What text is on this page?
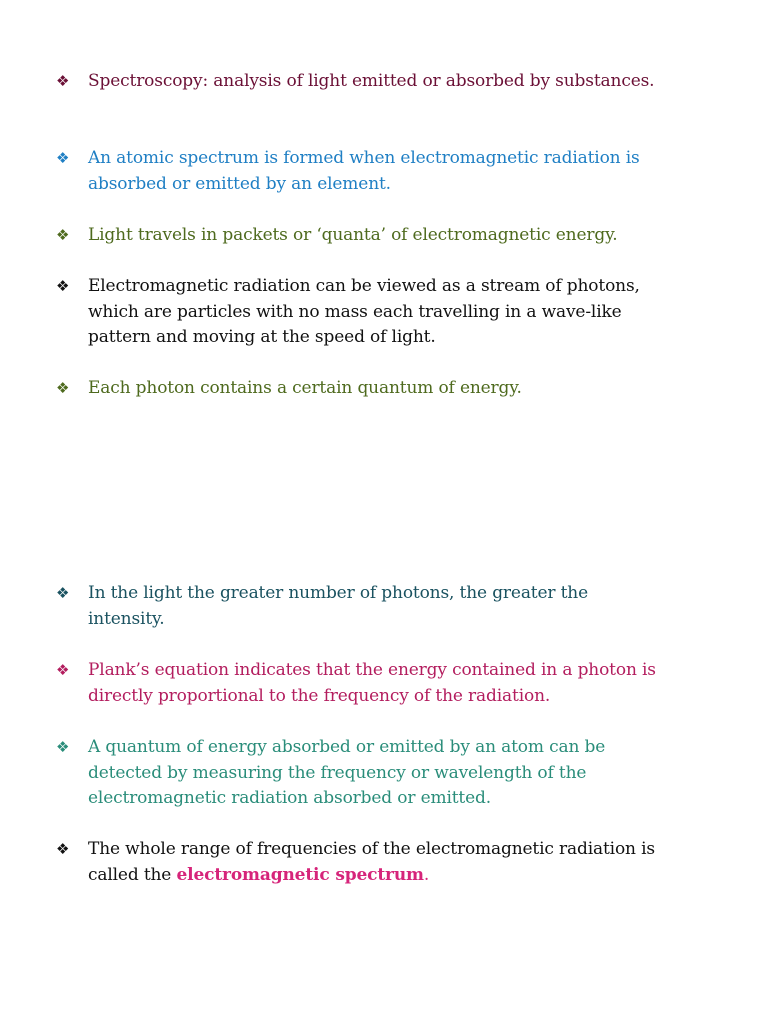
❖	Spectroscopy: analysis of light emitted or absorbed by substances.
❖	An atomic spectrum is formed when electromagnetic radiation is absorbed or emitted by an element.
❖	Light travels in packets or ‘quanta’ of electromagnetic energy.
❖	Electromagnetic radiation can be viewed as a stream of photons, which are particles with no mass each travelling in a wave-like pattern and moving at the speed of light.
❖	Each photon contains a certain quantum of energy.
❖	In the light the greater number of photons, the greater the intensity.
❖	Plank’s equation indicates that the energy contained in a photon is directly proportional to the frequency of the radiation.
❖	A quantum of energy absorbed or emitted by an atom can be detected by measuring the frequency or wavelength of the electromagnetic radiation absorbed or emitted.
❖	The whole range of frequencies of the electromagnetic radiation is called the electromagnetic spectrum.
